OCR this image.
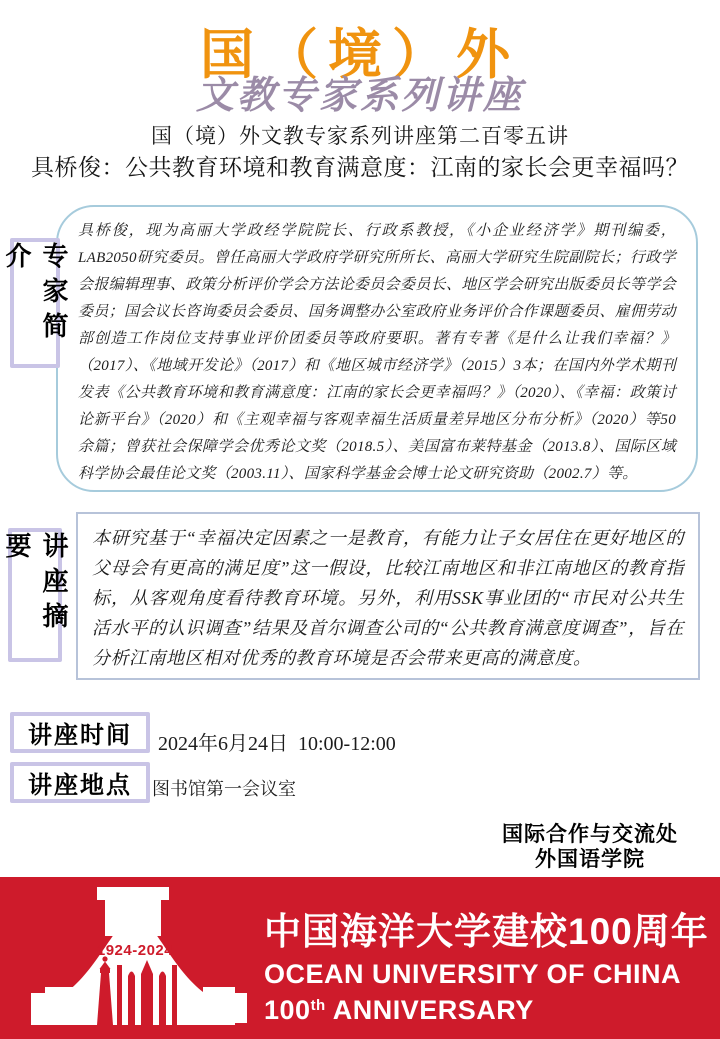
国（境）外
文教专家系列讲座
国（境）外文教专家系列讲座第二百零五讲
具桥俊：公共教育环境和教育满意度：江南的家长会更幸福吗？

具桥俊，现为高丽大学政经学院院长、行政系教授，《小企业经济学》期刊编委，LAB2050研究委员。曾任高丽大学政府学研究所所长、高丽大学研究生院副院长；行政学会报编辑理事、政策分析评价学会方法论委员会委员长、地区学会研究出版委员长等学会委员；国会议长咨询委员会委员、国务调整办公室政府业务评价合作课题委员、雇佣劳动部创造工作岗位支持事业评价团委员等政府要职。著有专著《是什么让我们幸福？》（2017）、《地域开发论》（2017）和《地区城市经济学》（2015）3本；在国内外学术期刊发表《公共教育环境和教育满意度：江南的家长会更幸福吗？》（2020）、《幸福：政策讨论新平台》（2020）和《主观幸福与客观幸福生活质量差异地区分布分析》（2020）等50余篇；曾获社会保障学会优秀论文奖（2018.5）、美国富布莱特基金（2013.8）、国际区域科学协会最佳论文奖（2003.11）、国家科学基金会博士论文研究资助（2002.7）等。

专家简介

本研究基于“幸福决定因素之一是教育，有能力让子女居住在更好地区的父母会有更高的满足度”这一假设，比较江南地区和非江南地区的教育指标，从客观角度看待教育环境。另外，利用SSK事业团的“市民对公共生活水平的认识调查”结果及首尔调查公司的“公共教育满意度调查”，旨在分析江南地区相对优秀的教育环境是否会带来更高的满意度。

讲座摘要
讲座时间	2024年6月24日  10:00-12:00
讲座地点	图书馆第一会议室
国际合作与交流处
外国语学院
1924-2024 中国海洋大学建校100周年
OCEAN UNIVERSITY OF CHINA
100th ANNIVERSARY
